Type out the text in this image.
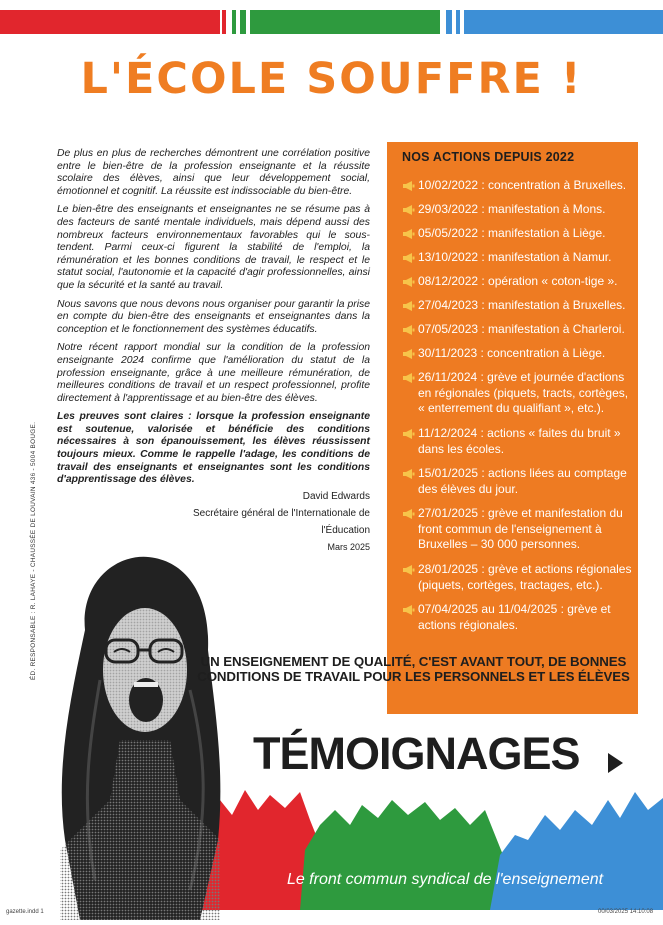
L'ÉCOLE SOUFFRE !

De plus en plus de recherches démontrent une corrélation positive entre le bien-être de la profession enseignante et la réussite scolaire des élèves, ainsi que leur développement social, émotionnel et cognitif. La réussite est indissociable du bien-être.

Le bien-être des enseignants et enseignantes ne se résume pas à des facteurs de santé mentale individuels, mais dépend aussi des nombreux facteurs environnementaux favorables qui le sous-tendent. Parmi ceux-ci figurent la stabilité de l'emploi, la rémunération et les bonnes conditions de travail, le respect et le statut social, l'autonomie et la capacité d'agir professionnelles, ainsi que la sécurité et la santé au travail.

Nous savons que nous devons nous organiser pour garantir la prise en compte du bien-être des enseignants et enseignantes dans la conception et le fonctionnement des systèmes éducatifs.

Notre récent rapport mondial sur la condition de la profession enseignante 2024 confirme que l'amélioration du statut de la profession enseignante, grâce à une meilleure rémunération, de meilleures conditions de travail et un respect professionnel, profite directement à l'apprentissage et au bien-être des élèves.

Les preuves sont claires : lorsque la profession enseignante est soutenue, valorisée et bénéficie des conditions nécessaires à son épanouissement, les élèves réussissent toujours mieux. Comme le rappelle l'adage, les conditions de travail des enseignants et enseignantes sont les conditions d'apprentissage des élèves.

David Edwards
Secrétaire général de l'Internationale de l'Éducation
Mars 2025
ÉD. RESPONSABLE : R. LAHAYE - CHAUSSÉE DE LOUVAIN 436 - 5004 BOUGE.
NOS ACTIONS DEPUIS 2022
10/02/2022 : concentration à Bruxelles.
29/03/2022 : manifestation à Mons.
05/05/2022 : manifestation à Liège.
13/10/2022 : manifestation à Namur.
08/12/2022 : opération « coton-tige ».
27/04/2023 : manifestation à Bruxelles.
07/05/2023 : manifestation à Charleroi.
30/11/2023 : concentration à Liège.
26/11/2024 : grève et journée d'actions en régionales (piquets, tracts, cortèges, « enterrement du qualifiant », etc.).
11/12/2024 : actions « faites du bruit » dans les écoles.
15/01/2025 : actions liées au comptage des élèves du jour.
27/01/2025 : grève et manifestation du front commun de l'enseignement à Bruxelles – 30 000 personnes.
28/01/2025 : grève et actions régionales (piquets, cortèges, tractages, etc.).
07/04/2025 au 11/04/2025 : grève et actions régionales.
UN ENSEIGNEMENT DE QUALITÉ, C'EST AVANT TOUT, DE BONNES
CONDITIONS DE TRAVAIL POUR LES PERSONNELS ET LES ÉLÈVES
TÉMOIGNAGES
Le front commun syndical de l'enseignement
gazette.indd 1	00/03/2025 14:10:08
